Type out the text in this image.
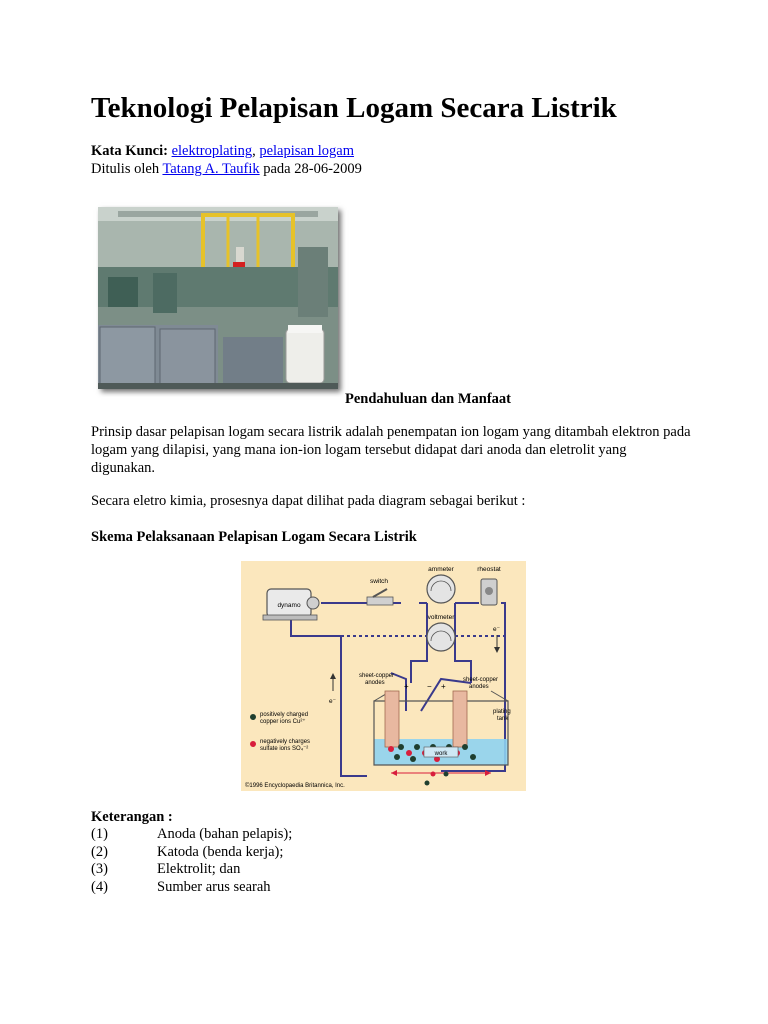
Teknologi Pelapisan Logam Secara Listrik
Kata Kunci: elektroplating, pelapisan logam
Ditulis oleh Tatang A. Taufik pada 28-06-2009
Pendahuluan dan Manfaat
Prinsip dasar pelapisan logam secara listrik adalah penempatan ion logam yang ditambah elektron pada logam yang dilapisi, yang mana ion-ion logam tersebut didapat dari anoda dan eletrolit yang digunakan.
Secara eletro kimia, prosesnya dapat dilihat pada diagram sebagai berikut :
Skema Pelaksanaan Pelapisan Logam Secara Listrik
dynamo
switch
ammeter	rheostat
voltmeter
e⁻
e⁻
work
sheet-copper
anodes	sheet-copper
anodes
plating
tank
+ − +
positively charged
copper ions Cu²⁺
negatively charges
sulfate ions SO₄⁻²
©1996 Encyclopaedia Britannica, Inc.
Keterangan :
(1)	Anoda (bahan pelapis);
(2)	Katoda (benda kerja);
(3)	Elektrolit; dan
(4)	Sumber arus searah
